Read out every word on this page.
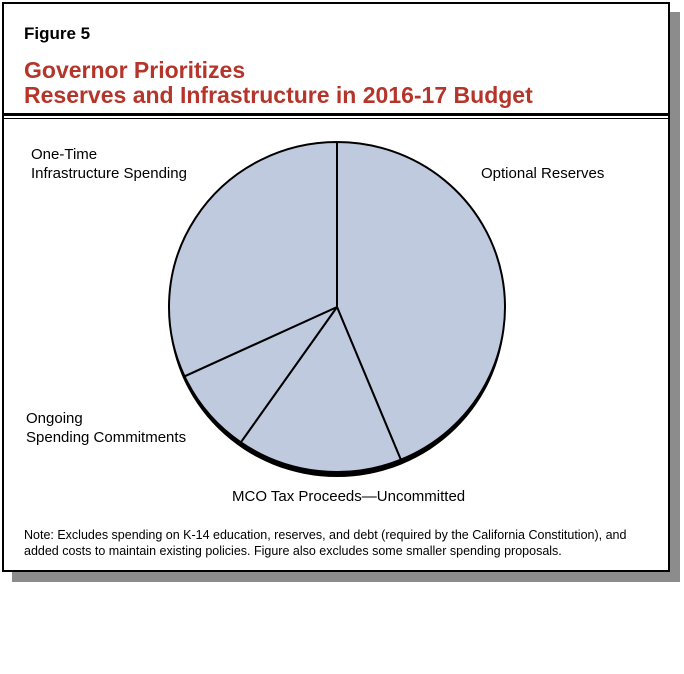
Figure 5
Governor Prioritizes
Reserves and Infrastructure in 2016-17 Budget
Note: Excludes spending on K-14 education, reserves, and debt (required by the California Constitution), and added costs to maintain existing policies. Figure also excludes some smaller spending proposals.
Optional Reserves
MCO Tax Proceeds—Uncommitted
Ongoing
Spending Commitments
One-Time
Infrastructure Spending
